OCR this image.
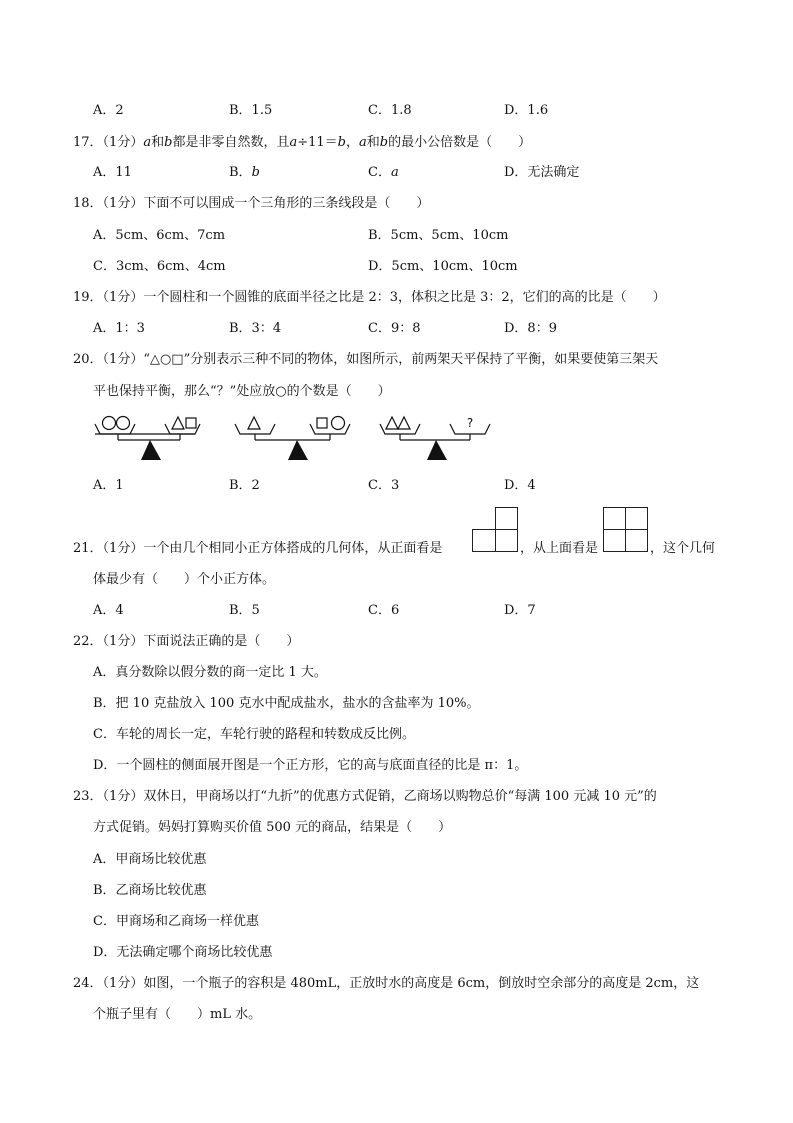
A．2	B．1.5	C．1.8	D．1.6
17．（1分）a和b都是非零自然数，且a÷11＝b，a和b的最小公倍数是（　　）
A．11	B．b	C．a	D．无法确定
18．（1分）下面不可以围成一个三角形的三条线段是（　　）
A．5cm、6cm、7cm	B．5cm、5cm、10cm
C．3cm、6cm、4cm	D．5cm、10cm、10cm
19．（1分）一个圆柱和一个圆锥的底面半径之比是 2：3，体积之比是 3：2，它们的高的比是（　　）
A．1：3	B．3：4	C．9：8	D．8：9
20．（1分）“△○□”分别表示三种不同的物体，如图所示，前两架天平保持了平衡，如果要使第三架天
平也保持平衡，那么“？”处应放○的个数是（　　）
?
A．1	B．2	C．3	D．4
21．（1分）一个由几个相同小正方体搭成的几何体，从正面看是	，从上面看是	，这个几何
体最少有（　　）个小正方体。
A．4	B．5	C．6	D．7
22．（1分）下面说法正确的是（　　）
A．真分数除以假分数的商一定比 1 大。
B．把 10 克盐放入 100 克水中配成盐水，盐水的含盐率为 10%。
C．车轮的周长一定，车轮行驶的路程和转数成反比例。
D．一个圆柱的侧面展开图是一个正方形，它的高与底面直径的比是 π：1。
23．（1分）双休日，甲商场以打“九折”的优惠方式促销，乙商场以购物总价“每满 100 元减 10 元”的
方式促销。妈妈打算购买价值 500 元的商品，结果是（　　）
A．甲商场比较优惠
B．乙商场比较优惠
C．甲商场和乙商场一样优惠
D．无法确定哪个商场比较优惠
24．（1分）如图，一个瓶子的容积是 480mL，正放时水的高度是 6cm，倒放时空余部分的高度是 2cm，这
个瓶子里有（　　）mL 水。
